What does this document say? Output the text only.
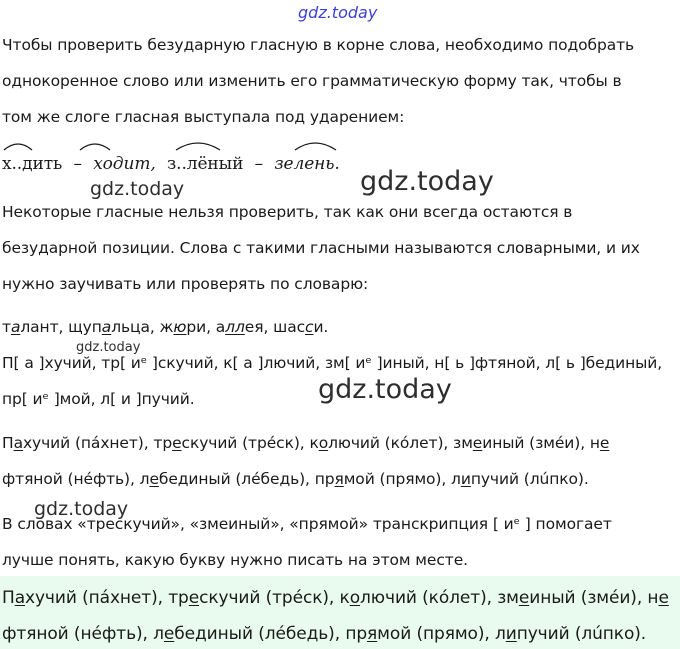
gdz.today
gdz.today	gdz.today
gdz.today
gdz.today
gdz.today
Чтобы проверить безударную гласную в корне слова, необходимо подобрать
однокоренное слово или изменить его грамматическую форму так, чтобы в
том же слоге гласная выступала под ударением:
х..дить – ходит, з..лёный – зелень.
Некоторые гласные нельзя проверить, так как они всегда остаются в
безударной позиции. Слова с такими гласными называются словарными, и их
нужно заучивать или проверять по словарю:
талант, щупальца, жюри, аллея, шасси.
П[ а ]хучий, тр[ иᵉ ]скучий, к[ а ]лючий, зм[ иᵉ ]иный, н[ ь ]фтяной, л[ ь ]бединый,
пр[ иᵉ ]мой, л[ и ]пучий.
Пахучий (пáхнет), трескучий (трéск), колючий (кóлет), змеиный (змéи), не
фтяной (нéфть), лебединый (лéбедь), прямой (прямо), липучий (лúпко).
В словах «трескучий», «змеиный», «прямой» транскрипция [ иᵉ ] помогает
лучше понять, какую букву нужно писать на этом месте.
Пахучий (пáхнет), трескучий (трéск), колючий (кóлет), змеиный (змéи), не
фтяной (нéфть), лебединый (лéбедь), прямой (прямо), липучий (лúпко).
